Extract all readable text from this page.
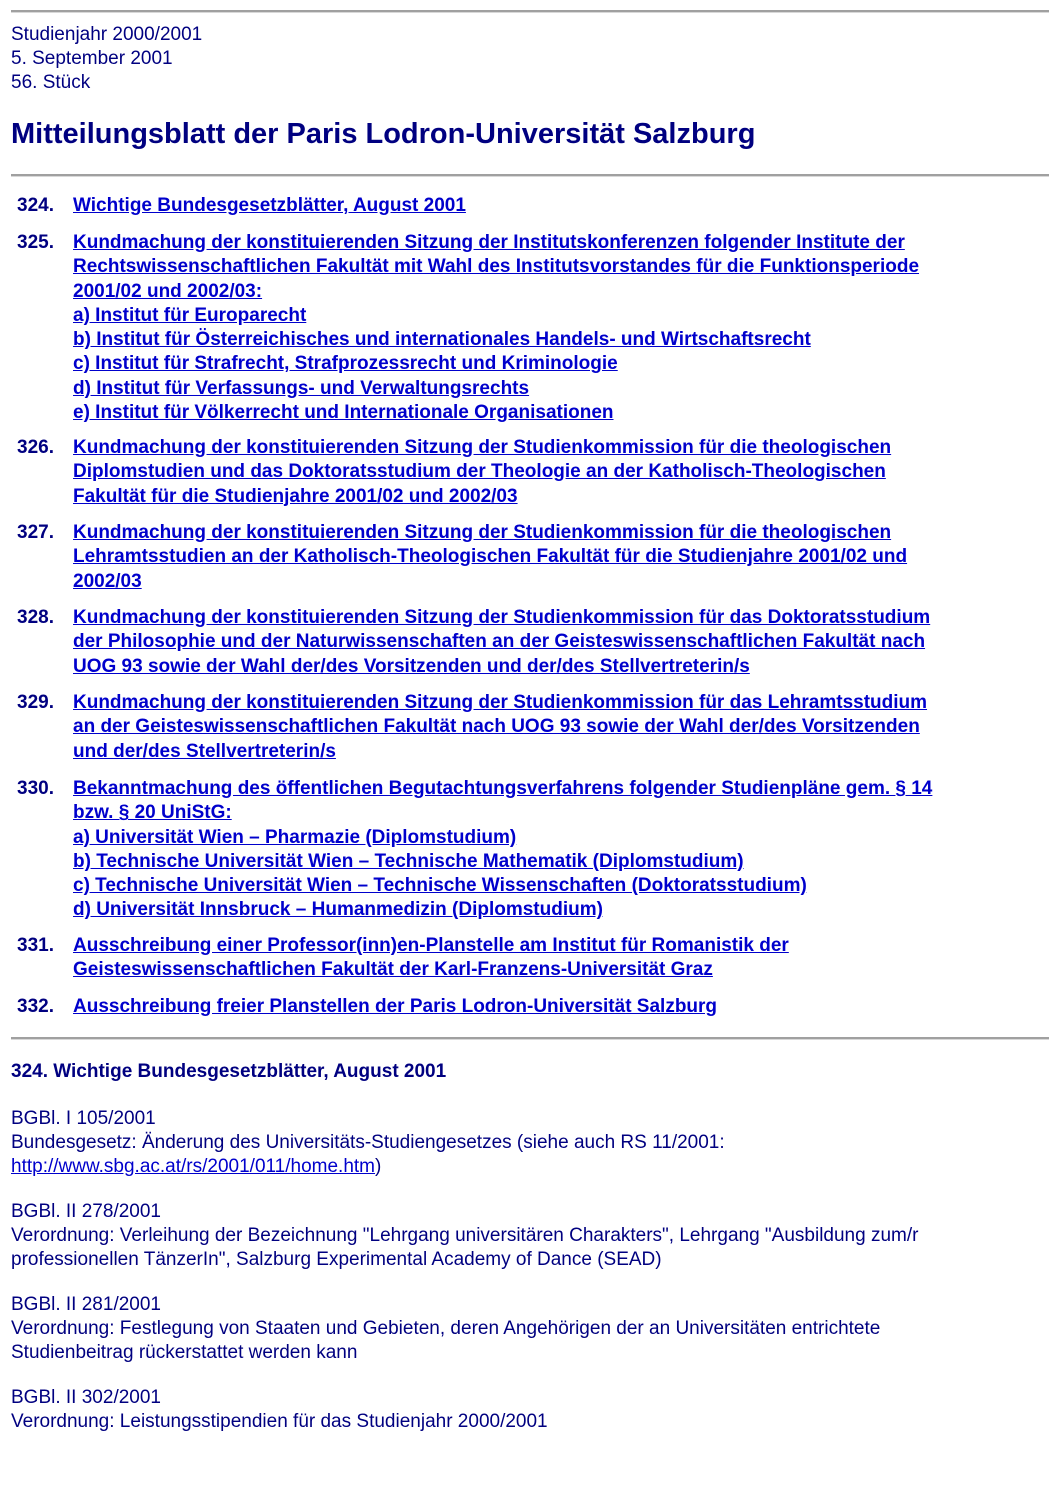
Studienjahr 2000/2001
5. September 2001
56. Stück
Mitteilungsblatt der Paris Lodron-Universität Salzburg
324.	Wichtige Bundesgesetzblätter, August 2001
325.	Kundmachung der konstituierenden Sitzung der Institutskonferenzen folgender Institute der
Rechtswissenschaftlichen Fakultät mit Wahl des Institutsvorstandes für die Funktionsperiode
2001/02 und 2002/03:
a) Institut für Europarecht
b) Institut für Österreichisches und internationales Handels- und Wirtschaftsrecht
c) Institut für Strafrecht, Strafprozessrecht und Kriminologie
d) Institut für Verfassungs- und Verwaltungsrechts
e) Institut für Völkerrecht und Internationale Organisationen
326.	Kundmachung der konstituierenden Sitzung der Studienkommission für die theologischen
Diplomstudien und das Doktoratsstudium der Theologie an der Katholisch-Theologischen
Fakultät für die Studienjahre 2001/02 und 2002/03
327.	Kundmachung der konstituierenden Sitzung der Studienkommission für die theologischen
Lehramtsstudien an der Katholisch-Theologischen Fakultät für die Studienjahre 2001/02 und
2002/03
328.	Kundmachung der konstituierenden Sitzung der Studienkommission für das Doktoratsstudium
der Philosophie und der Naturwissenschaften an der Geisteswissenschaftlichen Fakultät nach
UOG 93 sowie der Wahl der/des Vorsitzenden und der/des Stellvertreterin/s
329.	Kundmachung der konstituierenden Sitzung der Studienkommission für das Lehramtsstudium
an der Geisteswissenschaftlichen Fakultät nach UOG 93 sowie der Wahl der/des Vorsitzenden
und der/des Stellvertreterin/s
330.	Bekanntmachung des öffentlichen Begutachtungsverfahrens folgender Studienpläne gem. § 14
bzw. § 20 UniStG:
a) Universität Wien – Pharmazie (Diplomstudium)
b) Technische Universität Wien – Technische Mathematik (Diplomstudium)
c) Technische Universität Wien – Technische Wissenschaften (Doktoratsstudium)
d) Universität Innsbruck – Humanmedizin (Diplomstudium)
331.	Ausschreibung einer Professor(inn)en-Planstelle am Institut für Romanistik der
Geisteswissenschaftlichen Fakultät der Karl-Franzens-Universität Graz
332.	Ausschreibung freier Planstellen der Paris Lodron-Universität Salzburg
324. Wichtige Bundesgesetzblätter, August 2001
BGBl. I 105/2001
Bundesgesetz: Änderung des Universitäts-Studiengesetzes (siehe auch RS 11/2001:
http://www.sbg.ac.at/rs/2001/011/home.htm)
BGBl. II 278/2001
Verordnung: Verleihung der Bezeichnung "Lehrgang universitären Charakters", Lehrgang "Ausbildung zum/r
professionellen TänzerIn", Salzburg Experimental Academy of Dance (SEAD)
BGBl. II 281/2001
Verordnung: Festlegung von Staaten und Gebieten, deren Angehörigen der an Universitäten entrichtete
Studienbeitrag rückerstattet werden kann
BGBl. II 302/2001
Verordnung: Leistungsstipendien für das Studienjahr 2000/2001
